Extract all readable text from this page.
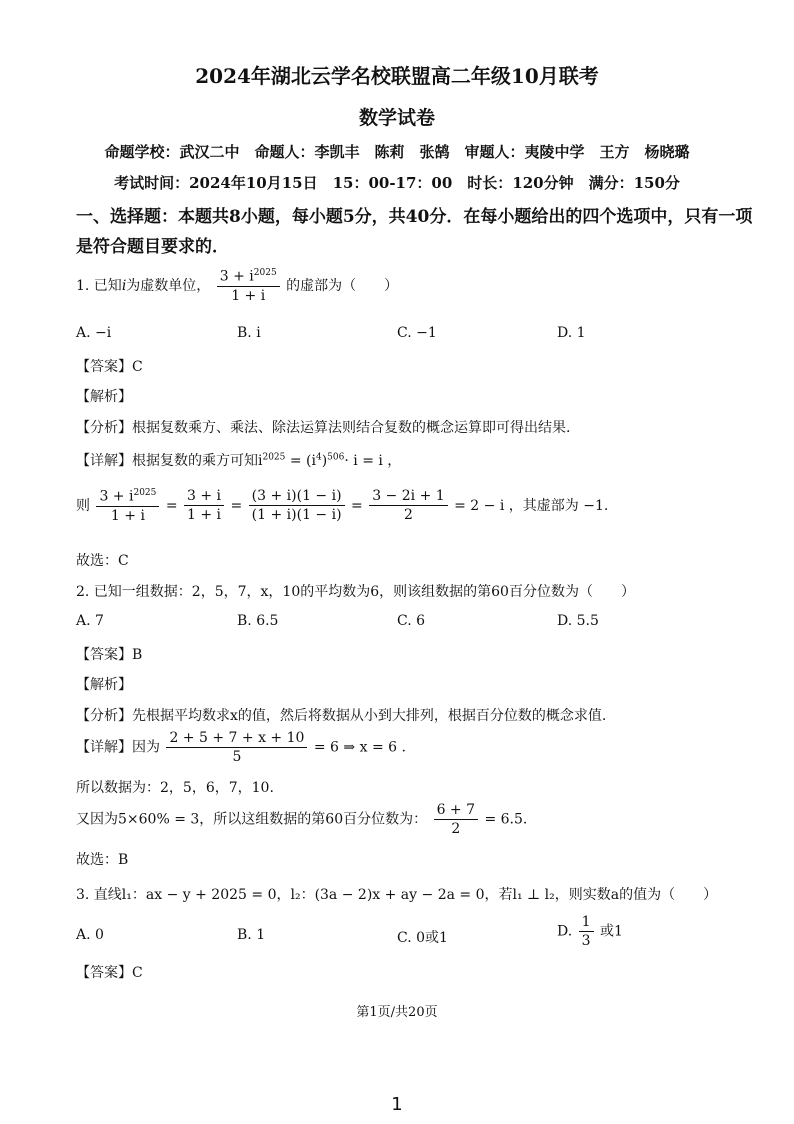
2024年湖北云学名校联盟高二年级10月联考
数学试卷
命题学校：武汉二中　命题人：李凯丰　陈莉　张鹄　审题人：夷陵中学　王方　杨晓璐
考试时间：2024年10月15日　15：00-17：00　时长：120分钟　满分：150分
一、选择题：本题共8小题，每小题5分，共40分．在每小题给出的四个选项中，只有一项
是符合题目要求的．
1. 已知i为虚数单位， $\frac{3 + i^{2025}}{1 + i}$ 的虚部为（　　）
A. −i	B. i	C. −1	D. 1
【答案】C
【解析】
【分析】根据复数乘方、乘法、除法运算法则结合复数的概念运算即可得出结果.
【详解】根据复数的乘方可知$i^{2025} = (i^4)^{506}\cdot i = i$ ，
则 $\frac{3 + i^{2025}}{1 + i} = \frac{3 + i}{1 + i} = \frac{(3 + i)(1 - i)}{(1 + i)(1 - i)} = \frac{3 - 2i + 1}{2} = 2 - i$ ，其虚部为 −1.
故选：C
2. 已知一组数据：2，5，7，x，10的平均数为6，则该组数据的第60百分位数为（　　）
A. 7	B. 6.5	C. 6	D. 5.5
【答案】B
【解析】
【分析】先根据平均数求x的值，然后将数据从小到大排列，根据百分位数的概念求值.
【详解】因为 $\frac{2 + 5 + 7 + x + 10}{5} = 6$ ⇒ x = 6 .
所以数据为：2，5，6，7，10.
又因为5×60% = 3，所以这组数据的第60百分位数为： $\frac{6 + 7}{2} = 6.5$.
故选：B
3. 直线l₁：ax − y + 2025 = 0，l₂：(3a − 2)x + ay − 2a = 0，若l₁ ⊥ l₂，则实数a的值为（　　）
A. 0	B. 1	C. 0或1	D. $\frac{1}{3}$ 或1
【答案】C
第1页/共20页
1
